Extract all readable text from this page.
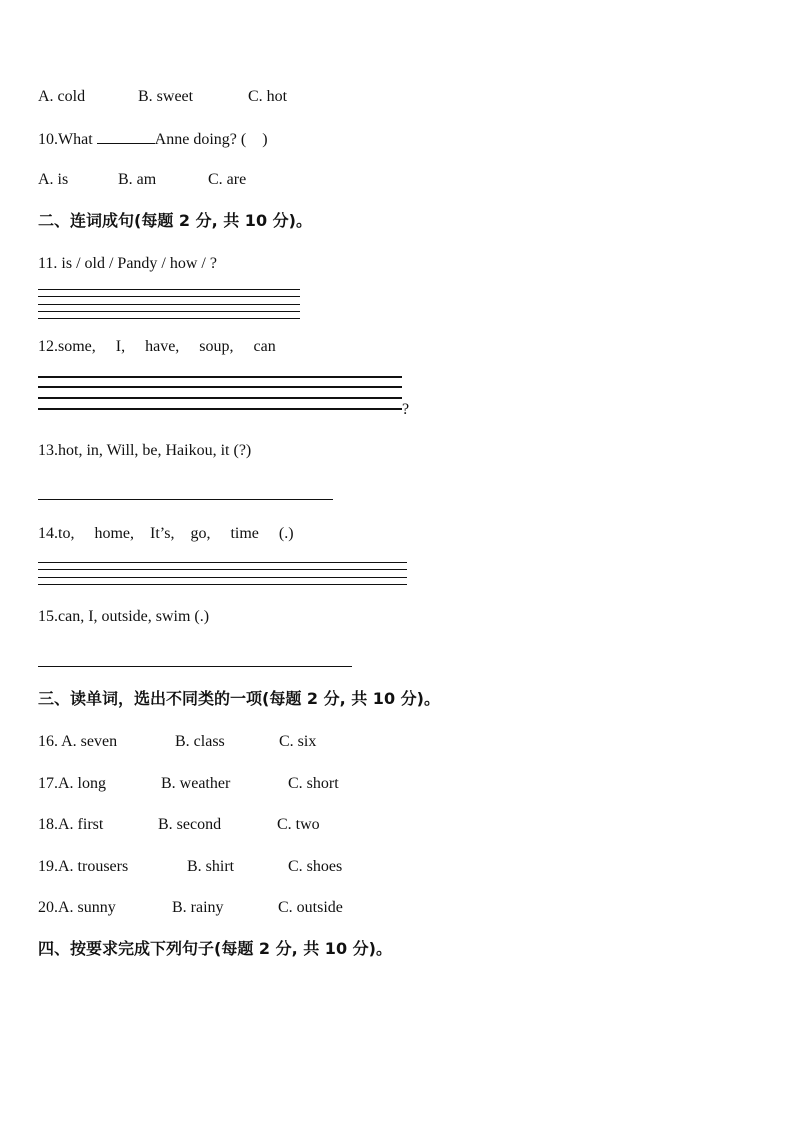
A. cold	B. sweet	C. hot
10.What	Anne doing? (    )
A. is	B. am	C. are
二、连词成句(每题 2 分, 共 10 分)。
11. is / old / Pandy / how / ?
12.some,     I,     have,     soup,     can
?
13.hot, in, Will, be, Haikou, it (?)
14.to,     home,    It’s,    go,     time     (.)
15.can, I, outside, swim (.)
三、读单词，选出不同类的一项(每题 2 分, 共 10 分)。
16. A. seven	B. class	C. six
17.A. long	B. weather	C. short
18.A. first	B. second	C. two
19.A. trousers	B. shirt	C. shoes
20.A. sunny	B. rainy	C. outside
四、按要求完成下列句子(每题 2 分, 共 10 分)。
